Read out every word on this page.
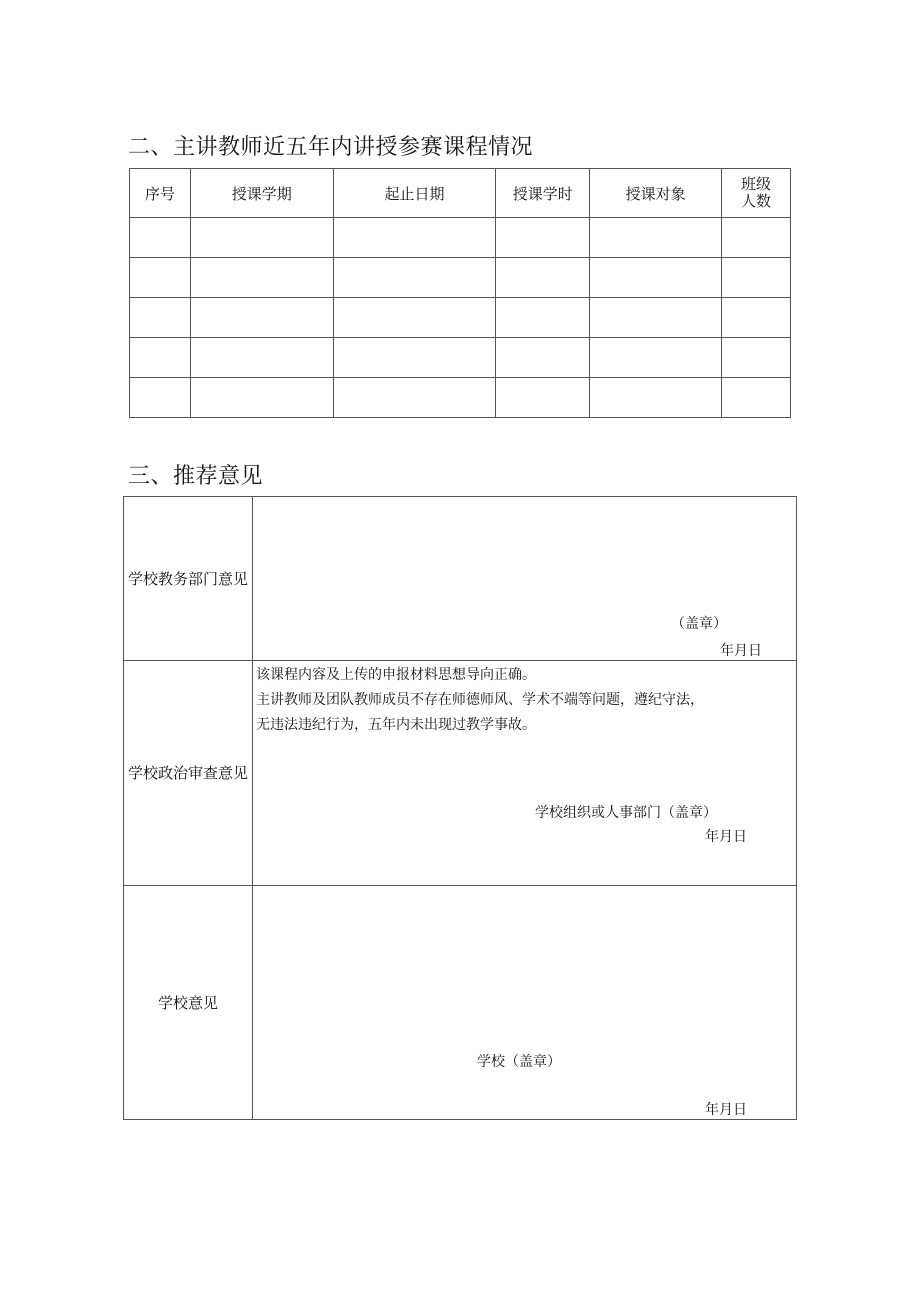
二、主讲教师近五年内讲授参赛课程情况
序号	授课学期	起止日期	授课学时	授课对象	班级人数

三、推荐意见
学校教务部门意见	（盖章）
年月日

学校政治审查意见	该课程内容及上传的申报材料思想导向正确。
主讲教师及团队教师成员不存在师德师风、学术不端等问题，遵纪守法，
无违法违纪行为，五年内未出现过教学事故。

学校组织或人事部门（盖章）
年月日

学校意见	学校（盖章）
年月日
